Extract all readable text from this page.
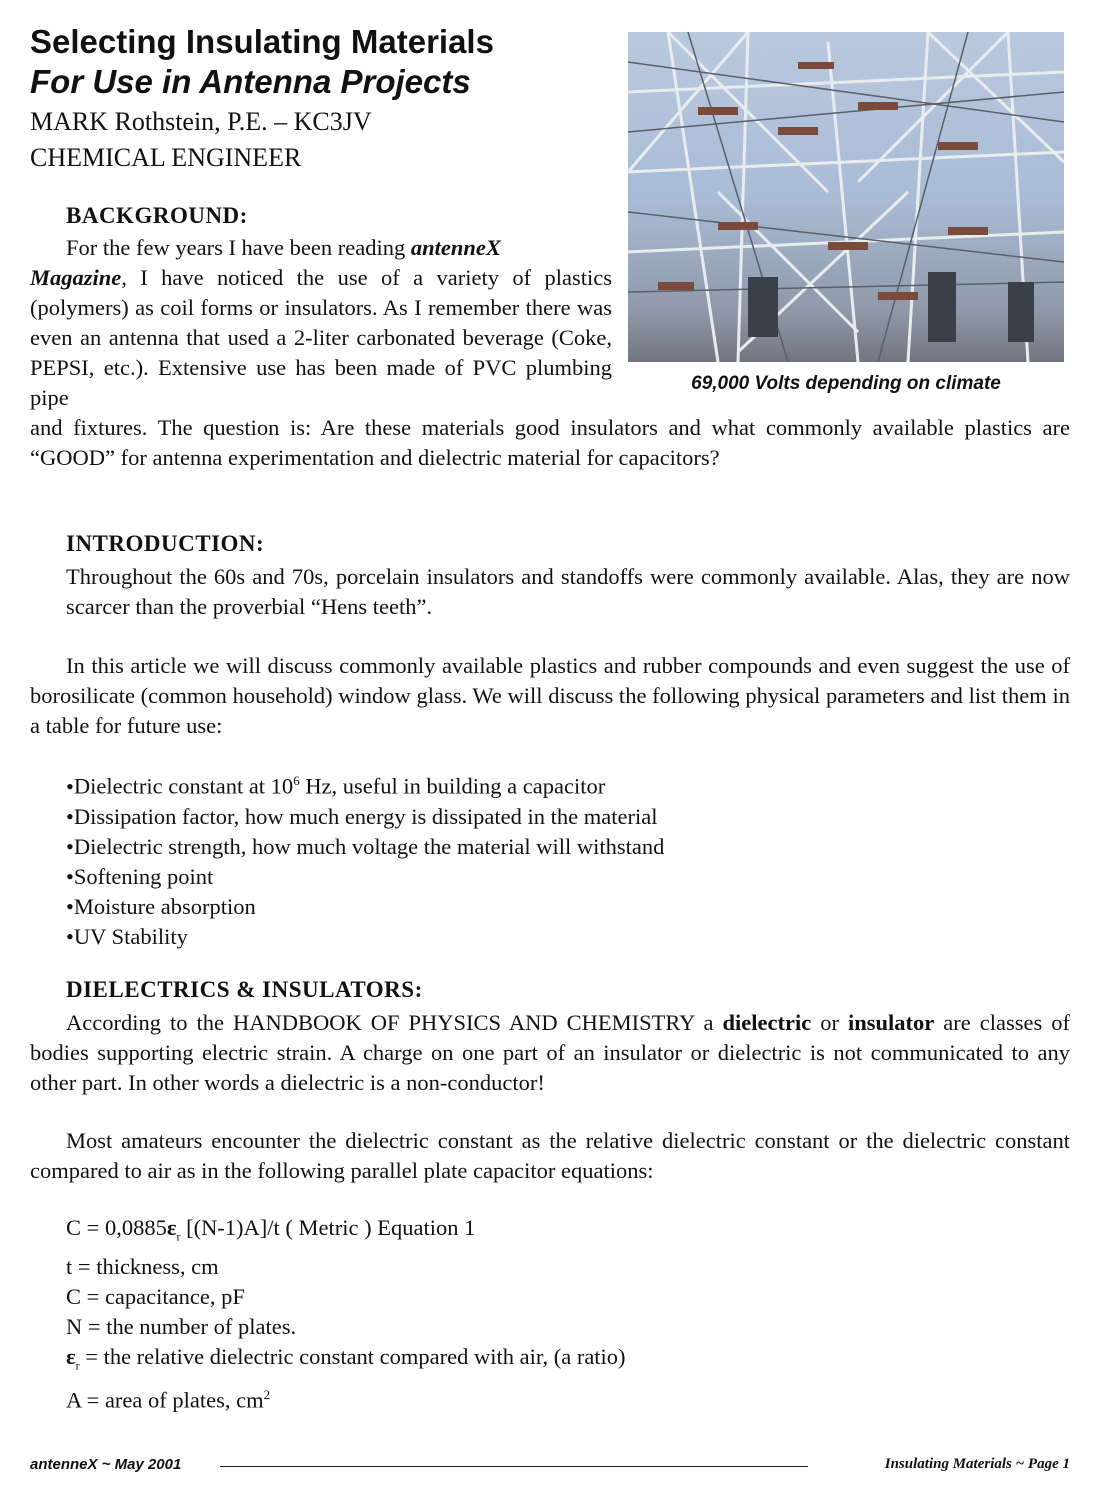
Selecting Insulating Materials

For Use in Antenna Projects
MARK Rothstein, P.E. – KC3JV
CHEMICAL ENGINEER
69,000 Volts depending on climate
BACKGROUND:
For the few years I have been reading antenneX
Magazine, I have noticed the use of a variety of plastics (polymers) as coil forms or insulators. As I remember there was even an antenna that used a 2-liter carbonated beverage (Coke, PEPSI, etc.). Extensive use has been made of PVC plumbing pipe
and fixtures. The question is: Are these materials good insulators and what commonly available plastics are “GOOD” for antenna experimentation and dielectric material for capacitors?
INTRODUCTION:
Throughout the 60s and 70s, porcelain insulators and standoffs were commonly available. Alas, they are now scarcer than the proverbial “Hens teeth”.
In this article we will discuss commonly available plastics and rubber compounds and even suggest the use of borosilicate (common household) window glass. We will discuss the following physical parameters and list them in a table for future use:
• Dielectric constant at $10^6$ Hz, useful in building a capacitor
• Dissipation factor, how much energy is dissipated in the material
• Dielectric strength, how much voltage the material will withstand
• Softening point
• Moisture absorption
• UV Stability
DIELECTRICS & INSULATORS:
According to the HANDBOOK OF PHYSICS AND CHEMISTRY a dielectric or insulator are classes of bodies supporting electric strain. A charge on one part of an insulator or dielectric is not communicated to any other part. In other words a dielectric is a non-conductor!
Most amateurs encounter the dielectric constant as the relative dielectric constant or the dielectric constant compared to air as in the following parallel plate capacitor equations:
$C = 0,0885\varepsilon_r$ [(N-1)A]/t ( Metric ) Equation 1
t = thickness, cm
C = capacitance, pF
N = the number of plates.
$\varepsilon_r$ = the relative dielectric constant compared with air, (a ratio)
A = area of plates, $cm^2$
antenneX ~ May 2001	Insulating Materials ~ Page 1
